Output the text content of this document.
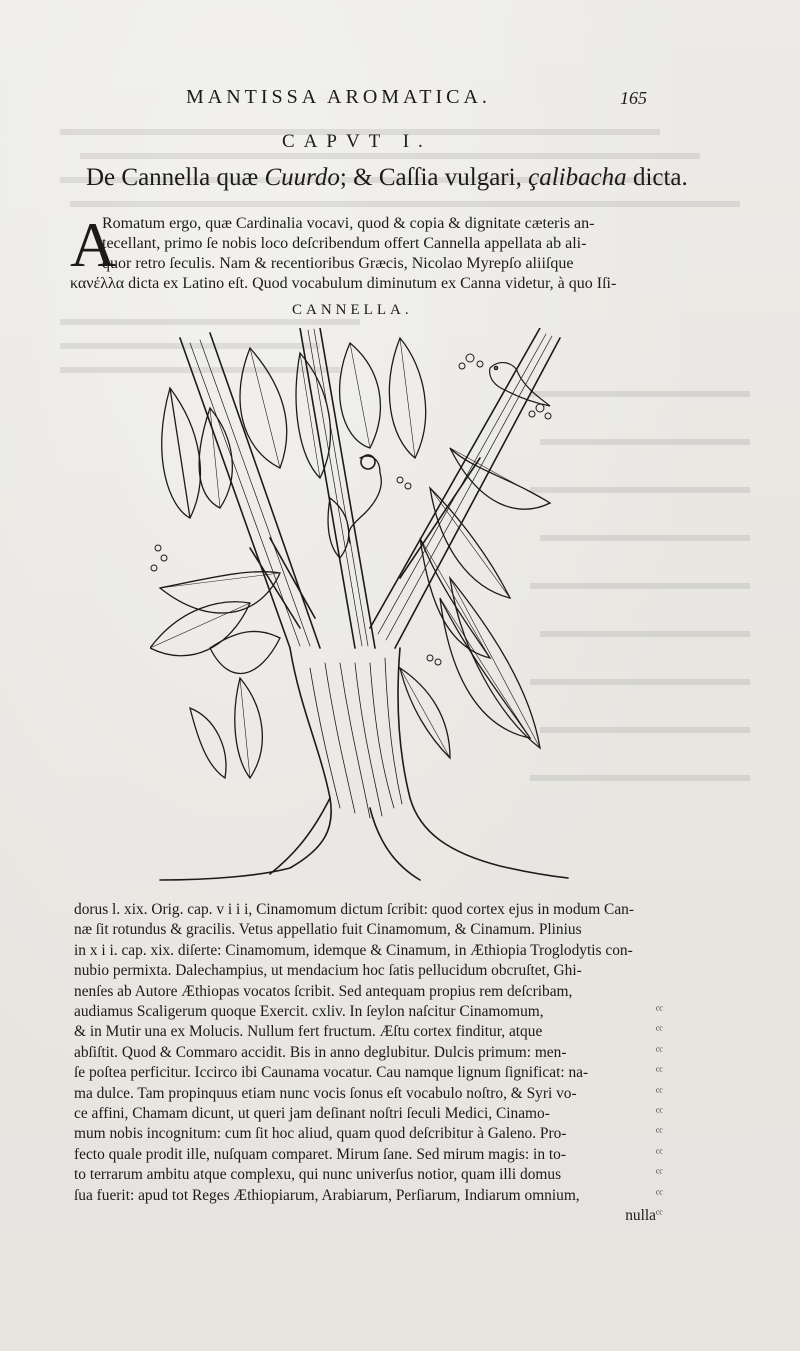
MANTISSA AROMATICA.	165
CAPVT I.
De Cannella quæ Cuurdo; & Caſſia vulgari, çalibacha dicta.
A
Romatum ergo, quæ Cardinalia vocavi, quod & copia & dignitate cæteris an-
tecellant, primo ſe nobis loco deſcribendum offert Cannella appellata ab ali-
quor retro ſeculis. Nam & recentioribus Græcis, Nicolao Myrepſo aliiſque
κανέλλα dicta ex Latino eſt. Quod vocabulum diminutum ex Canna videtur, à quo Iſi-
CANNELLA.
dorus l. xix. Orig. cap. v i i i, Cinamomum dictum ſcribit: quod cortex ejus in modum Can-
næ ſit rotundus & gracilis. Vetus appellatio fuit Cinamomum, & Cinamum. Plinius
in x i i. cap. xix. diſerte: Cinamomum, idemque & Cinamum, in Æthiopia Troglodytis con-
nubio permixta. Dalechampius, ut mendacium hoc ſatis pellucidum obcruſtet, Ghi-
nenſes ab Autore Æthiopas vocatos ſcribit. Sed antequam propius rem deſcribam,
audiamus Scaligerum quoque Exercit. cxliv. In ſeylon naſcitur Cinamomum,	ᶜᶜ
& in Mutir una ex Molucis. Nullum fert fructum. Æſtu cortex finditur, atque	ᶜᶜ
abſiſtit. Quod & Commaro accidit. Bis in anno deglubitur. Dulcis primum: men-	ᶜᶜ
ſe poſtea perficitur. Iccirco ibi Caunama vocatur. Cau namque lignum ſignificat: na-	ᶜᶜ
ma dulce. Tam propinquus etiam nunc vocis ſonus eſt vocabulo noſtro, & Syri vo-	ᶜᶜ
ce affini, Chamam dicunt, ut queri jam deſinant noſtri ſeculi Medici, Cinamo-	ᶜᶜ
mum nobis incognitum: cum ſit hoc aliud, quam quod deſcribitur à Galeno. Pro-	ᶜᶜ
fecto quale prodit ille, nuſquam comparet. Mirum ſane. Sed mirum magis: in to-	ᶜᶜ
to terrarum ambitu atque complexu, qui nunc univerſus notior, quam illi domus	ᶜᶜ
ſua fuerit: apud tot Reges Æthiopiarum, Arabiarum, Perſiarum, Indiarum omnium,	ᶜᶜ
nulla ᶜᶜ
